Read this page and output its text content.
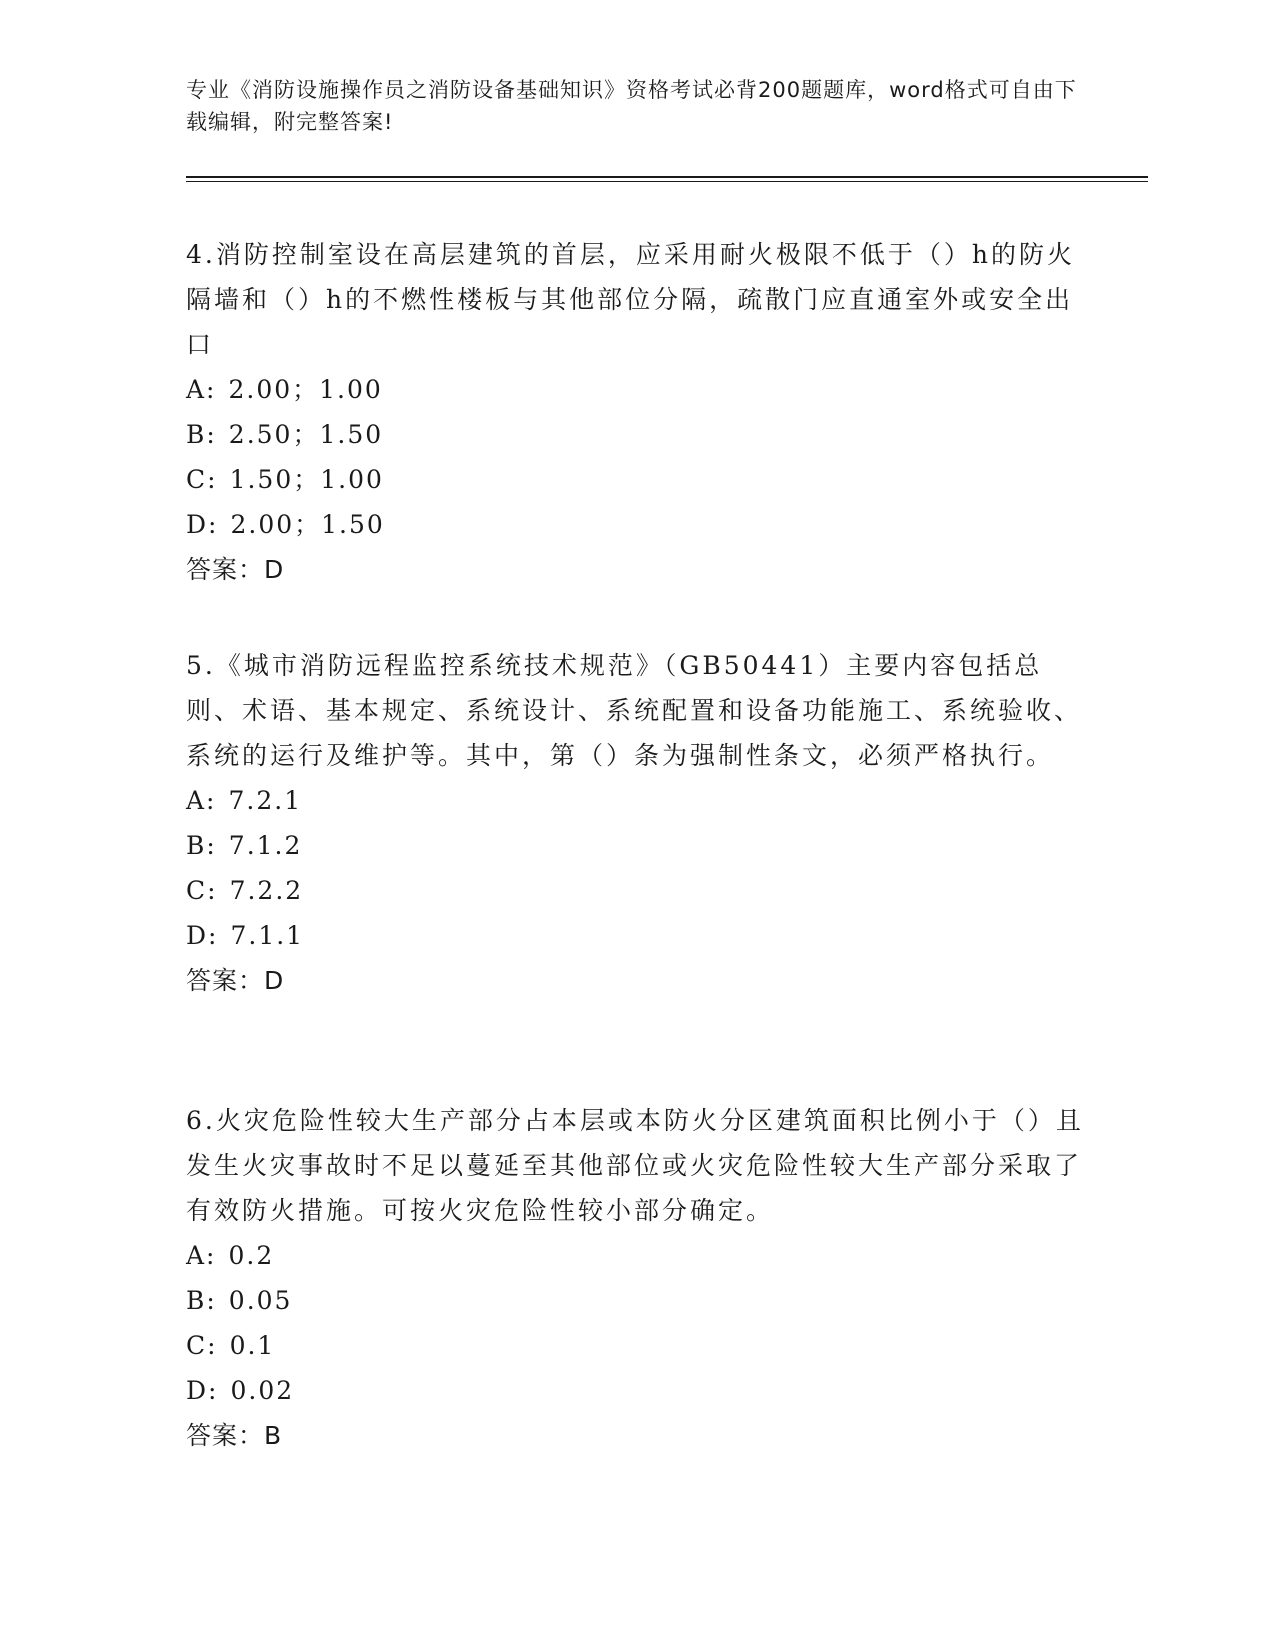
专业《消防设施操作员之消防设备基础知识》资格考试必背200题题库，word格式可自由下载编辑，附完整答案!
4.消防控制室设在高层建筑的首层，应采用耐火极限不低于（）h的防火隔墙和（）h的不燃性楼板与其他部位分隔，疏散门应直通室外或安全出口
A: 2.00；1.00
B: 2.50；1.50
C: 1.50；1.00
D: 2.00；1.50
答案：D
5.《城市消防远程监控系统技术规范》（GB50441）主要内容包括总则、术语、基本规定、系统设计、系统配置和设备功能施工、系统验收、系统的运行及维护等。其中，第（）条为强制性条文，必须严格执行。
A: 7.2.1
B: 7.1.2
C: 7.2.2
D: 7.1.1
答案：D
6.火灾危险性较大生产部分占本层或本防火分区建筑面积比例小于（）且发生火灾事故时不足以蔓延至其他部位或火灾危险性较大生产部分采取了有效防火措施。可按火灾危险性较小部分确定。
A: 0.2
B: 0.05
C: 0.1
D: 0.02
答案：B
